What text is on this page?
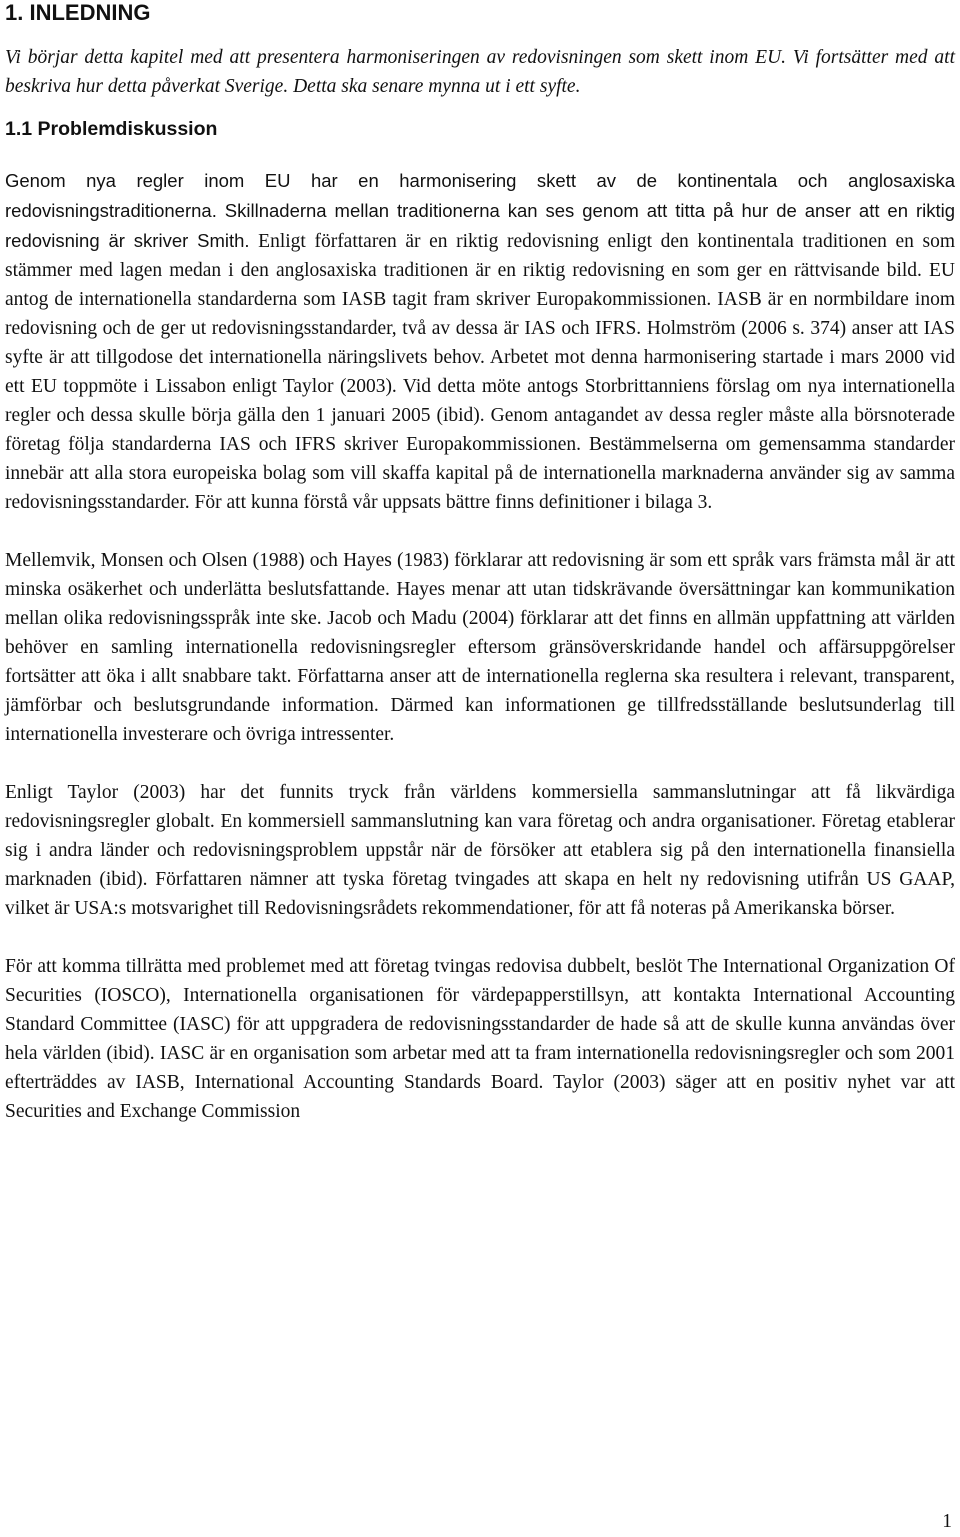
1. INLEDNING

Vi börjar detta kapitel med att presentera harmoniseringen av redovisningen som skett inom EU. Vi fortsätter med att beskriva hur detta påverkat Sverige. Detta ska senare mynna ut i ett syfte.

1.1 Problemdiskussion

Genom nya regler inom EU har en harmonisering skett av de kontinentala och anglosaxiska redovisningstraditionerna. Skillnaderna mellan traditionerna kan ses genom att titta på hur de anser att en riktig redovisning är skriver Smith. Enligt författaren är en riktig redovisning enligt den kontinentala traditionen en som stämmer med lagen medan i den anglosaxiska traditionen är en riktig redovisning en som ger en rättvisande bild. EU antog de internationella standarderna som IASB tagit fram skriver Europakommissionen. IASB är en normbildare inom redovisning och de ger ut redovisningsstandarder, två av dessa är IAS och IFRS. Holmström (2006 s. 374) anser att IAS syfte är att tillgodose det internationella näringslivets behov. Arbetet mot denna harmonisering startade i mars 2000 vid ett EU toppmöte i Lissabon enligt Taylor (2003). Vid detta möte antogs Storbrittanniens förslag om nya internationella regler och dessa skulle börja gälla den 1 januari 2005 (ibid). Genom antagandet av dessa regler måste alla börsnoterade företag följa standarderna IAS och IFRS skriver Europakommissionen. Bestämmelserna om gemensamma standarder innebär att alla stora europeiska bolag som vill skaffa kapital på de internationella marknaderna använder sig av samma redovisningsstandarder. För att kunna förstå vår uppsats bättre finns definitioner i bilaga 3.

Mellemvik, Monsen och Olsen (1988) och Hayes (1983) förklarar att redovisning är som ett språk vars främsta mål är att minska osäkerhet och underlätta beslutsfattande. Hayes menar att utan tidskrävande översättningar kan kommunikation mellan olika redovisningsspråk inte ske. Jacob och Madu (2004) förklarar att det finns en allmän uppfattning att världen behöver en samling internationella redovisningsregler eftersom gränsöverskridande handel och affärsuppgörelser fortsätter att öka i allt snabbare takt. Författarna anser att de internationella reglerna ska resultera i relevant, transparent, jämförbar och beslutsgrundande information. Därmed kan informationen ge tillfredsställande beslutsunderlag till internationella investerare och övriga intressenter.

Enligt Taylor (2003) har det funnits tryck från världens kommersiella sammanslutningar att få likvärdiga redovisningsregler globalt. En kommersiell sammanslutning kan vara företag och andra organisationer. Företag etablerar sig i andra länder och redovisningsproblem uppstår när de försöker att etablera sig på den internationella finansiella marknaden (ibid). Författaren nämner att tyska företag tvingades att skapa en helt ny redovisning utifrån US GAAP, vilket är USA:s motsvarighet till Redovisningsrådets rekommendationer, för att få noteras på Amerikanska börser.

För att komma tillrätta med problemet med att företag tvingas redovisa dubbelt, beslöt The International Organization Of Securities (IOSCO), Internationella organisationen för värdepapperstillsyn, att kontakta International Accounting Standard Committee (IASC) för att uppgradera de redovisningsstandarder de hade så att de skulle kunna användas över hela världen (ibid). IASC är en organisation som arbetar med att ta fram internationella redovisningsregler och som 2001 efterträddes av IASB, International Accounting Standards Board. Taylor (2003) säger att en positiv nyhet var att Securities and Exchange Commission

1
